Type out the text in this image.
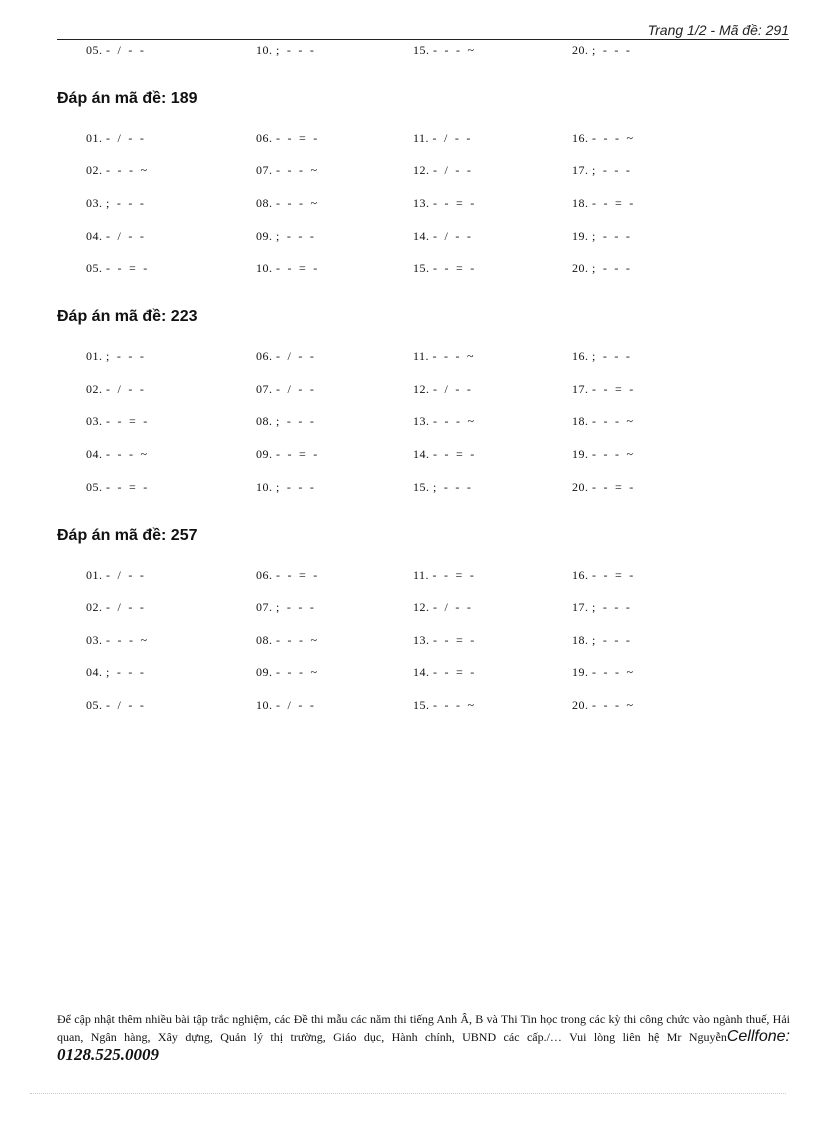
Trang 1/2 - Mã đề: 291
05. -  /  -  -	10. ;  -  -  -	15. -  -  -  ~	20. ;  -  -  -
Đáp án mã đề: 189
01. -  /  -  -	06. -  -  =  -	11. -  /  -  -	16. -  -  -  ~
02. -  -  -  ~	07. -  -  -  ~	12. -  /  -  -	17. ;  -  -  -
03. ;  -  -  -	08. -  -  -  ~	13. -  -  =  -	18. -  -  =  -
04. -  /  -  -	09. ;  -  -  -	14. -  /  -  -	19. ;  -  -  -
05. -  -  =  -	10. -  -  =  -	15. -  -  =  -	20. ;  -  -  -
Đáp án mã đề: 223
01. ;  -  -  -	06. -  /  -  -	11. -  -  -  ~	16. ;  -  -  -
02. -  /  -  -	07. -  /  -  -	12. -  /  -  -	17. -  -  =  -
03. -  -  =  -	08. ;  -  -  -	13. -  -  -  ~	18. -  -  -  ~
04. -  -  -  ~	09. -  -  =  -	14. -  -  =  -	19. -  -  -  ~
05. -  -  =  -	10. ;  -  -  -	15. ;  -  -  -	20. -  -  =  -
Đáp án mã đề: 257
01. -  /  -  -	06. -  -  =  -	11. -  -  =  -	16. -  -  =  -
02. -  /  -  -	07. ;  -  -  -	12. -  /  -  -	17. ;  -  -  -
03. -  -  -  ~	08. -  -  -  ~	13. -  -  =  -	18. ;  -  -  -
04. ;  -  -  -	09. -  -  -  ~	14. -  -  =  -	19. -  -  -  ~
05. -  /  -  -	10. -  /  -  -	15. -  -  -  ~	20. -  -  -  ~
Để cập nhật thêm nhiều bài tập trắc nghiệm, các Đề thi mẫu các năm thi tiếng Anh Â, B và Thi Tin học trong các kỳ thi công chức vào ngành thuế, Hải quan, Ngân hàng, Xây dựng, Quản lý thị trường, Giáo dục, Hành chính, UBND các cấp./… Vui lòng liên hệ Mr NguyễnCellfone: 0128.525.0009
